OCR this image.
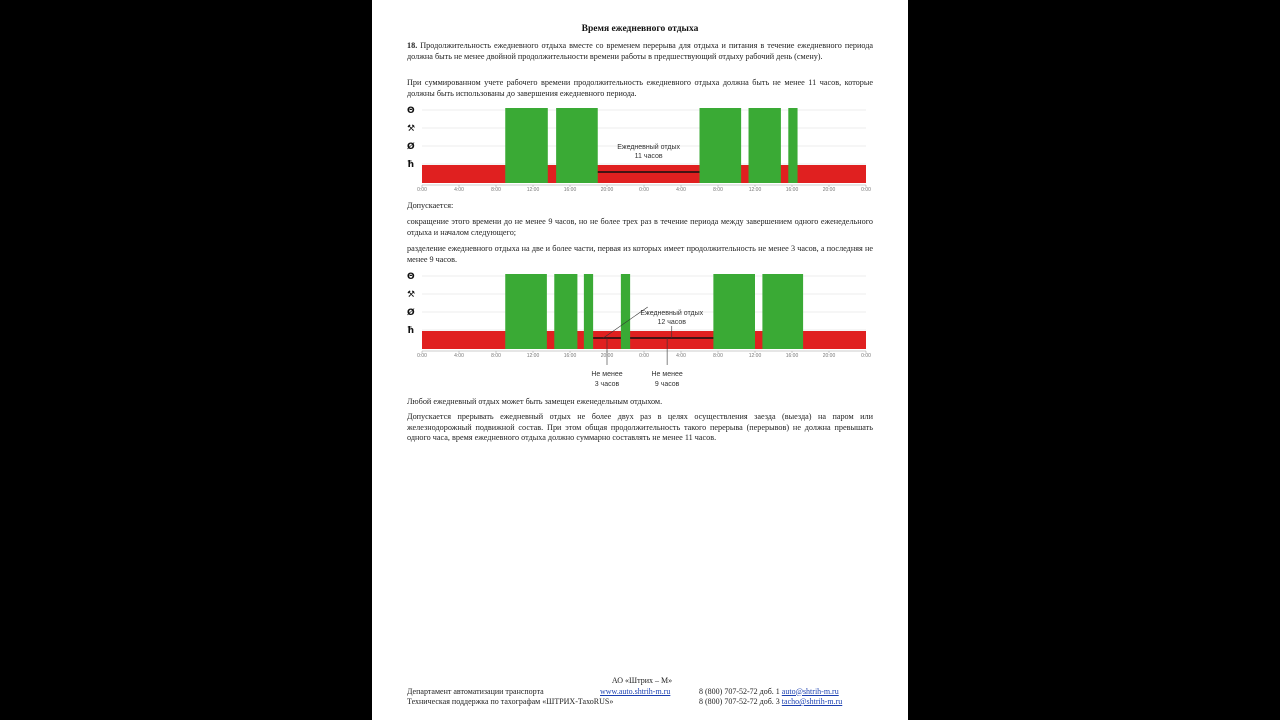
Время ежедневного отдыха

18. Продолжительность ежедневного отдыха вместе со временем перерыва для отдыха и питания в течение ежедневного периода должна быть не менее двойной продолжительности времени работы в предшествующий отдыху рабочий день (смену).

При суммированном учете рабочего времени продолжительность ежедневного отдыха должна быть не менее 11 часов, которые должны быть использованы до завершения ежедневного периода.

Θ
⚒
Ø
ħ
0:00	4:00	8:00	12:00	16:00	20:00	0:00	4:00	8:00	12:00	16:00	20:00	0:00
Ежедневный отдых
11 часов

Допускается:

сокращение этого времени до не менее 9 часов, но не более трех раз в течение периода между завершением одного еженедельного отдыха и началом следующего;

разделение ежедневного отдыха на две и более части, первая из которых имеет продолжительность не менее 3 часов, а последняя не менее 9 часов.

Θ
⚒
Ø
ħ
0:00	4:00	8:00	12:00	16:00	20:00	0:00	4:00	8:00	12:00	16:00	20:00	0:00
Ежедневный отдых
12 часов
Не менее
3 часов
Не менее
9 часов

Любой ежедневный отдых может быть замещен еженедельным отдыхом.

Допускается прерывать ежедневный отдых не более двух раз в целях осуществления заезда (выезда) на паром или железнодорожный подвижной состав. При этом общая продолжительность такого перерыва (перерывов) не должна превышать одного часа, время ежедневного отдыха должно суммарно составлять не менее 11 часов.

АО «Штрих – М»
Департамент автоматизации транспорта	www.auto.shtrih-m.ru	8 (800) 707-52-72 доб. 1
auto@shtrih-m.ru
Техническая поддержка по тахографам «ШТРИХ-ТахоRUS»	8 (800) 707-52-72 доб. 3
tacho@shtrih-m.ru
